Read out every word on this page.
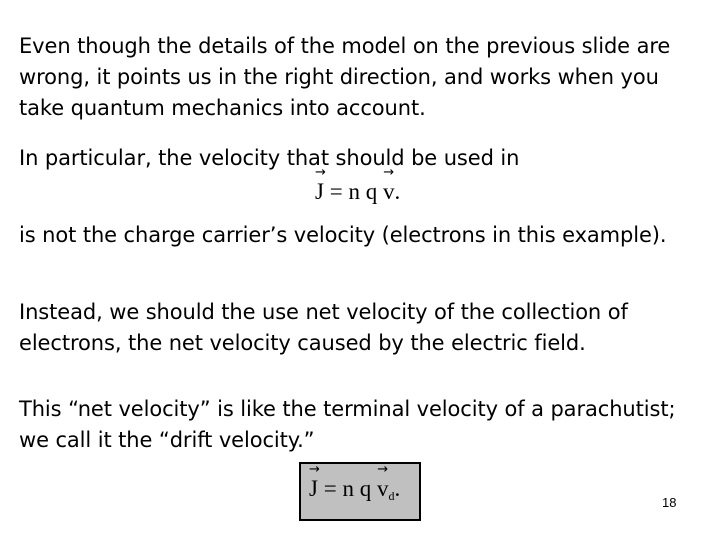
Even though the details of the model on the previous slide are wrong, it points us in the right direction, and works when you take quantum mechanics into account.

In particular, the velocity that should be used in

→ J = n q → v.

is not the charge carrier’s velocity (electrons in this example).

Instead, we should the use net velocity of the collection of electrons, the net velocity caused by the electric field.

This “net velocity” is like the terminal velocity of a parachutist; we call it the “drift velocity.”

→ J = n $q \to v_d$.
18
